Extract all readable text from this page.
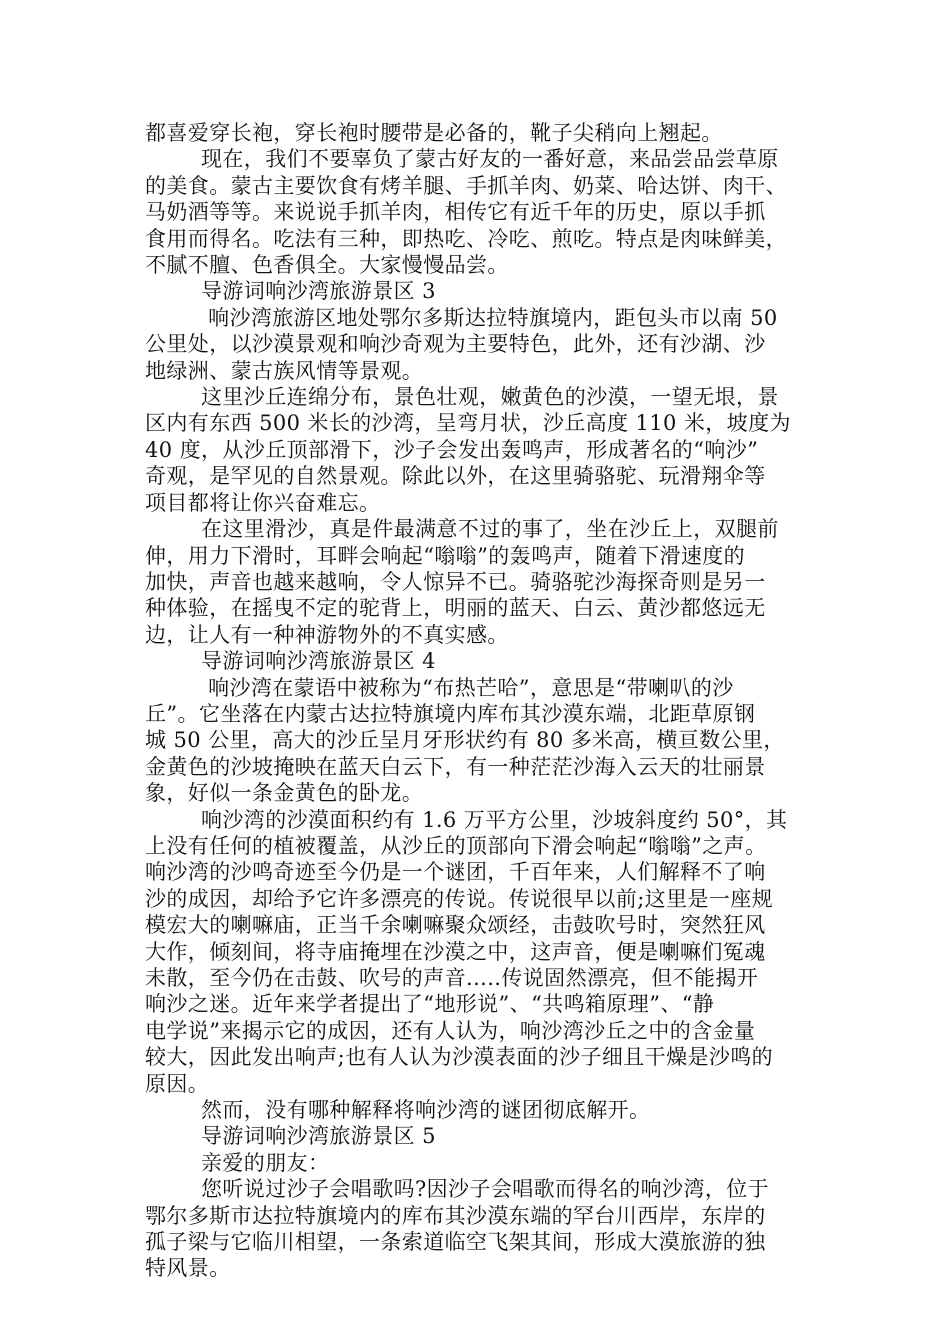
都喜爱穿长袍，穿长袍时腰带是必备的，靴子尖稍向上翘起。
现在，我们不要辜负了蒙古好友的一番好意，来品尝品尝草原
的美食。蒙古主要饮食有烤羊腿、手抓羊肉、奶菜、哈达饼、肉干、
马奶酒等等。来说说手抓羊肉，相传它有近千年的历史，原以手抓
食用而得名。吃法有三种，即热吃、冷吃、煎吃。特点是肉味鲜美，
不腻不膻、色香俱全。大家慢慢品尝。
导游词响沙湾旅游景区 3
响沙湾旅游区地处鄂尔多斯达拉特旗境内，距包头市以南 50
公里处，以沙漠景观和响沙奇观为主要特色，此外，还有沙湖、沙
地绿洲、蒙古族风情等景观。
这里沙丘连绵分布，景色壮观，嫩黄色的沙漠，一望无垠，景
区内有东西 500 米长的沙湾，呈弯月状，沙丘高度 110 米，坡度为
40 度，从沙丘顶部滑下，沙子会发出轰鸣声，形成著名的“响沙”
奇观，是罕见的自然景观。除此以外，在这里骑骆驼、玩滑翔伞等
项目都将让你兴奋难忘。
在这里滑沙，真是件最满意不过的事了，坐在沙丘上，双腿前
伸，用力下滑时，耳畔会响起“嗡嗡”的轰鸣声，随着下滑速度的
加快，声音也越来越响，令人惊异不已。骑骆驼沙海探奇则是另一
种体验，在摇曳不定的驼背上，明丽的蓝天、白云、黄沙都悠远无
边，让人有一种神游物外的不真实感。
导游词响沙湾旅游景区 4
响沙湾在蒙语中被称为“布热芒哈”，意思是“带喇叭的沙
丘”。它坐落在内蒙古达拉特旗境内库布其沙漠东端，北距草原钢
城 50 公里，高大的沙丘呈月牙形状约有 80 多米高，横亘数公里，
金黄色的沙坡掩映在蓝天白云下，有一种茫茫沙海入云天的壮丽景
象，好似一条金黄色的卧龙。
响沙湾的沙漠面积约有 1.6 万平方公里，沙坡斜度约 50°，其
上没有任何的植被覆盖，从沙丘的顶部向下滑会响起“嗡嗡”之声。
响沙湾的沙鸣奇迹至今仍是一个谜团，千百年来，人们解释不了响
沙的成因，却给予它许多漂亮的传说。传说很早以前;这里是一座规
模宏大的喇嘛庙，正当千余喇嘛聚众颂经，击鼓吹号时，突然狂风
大作，倾刻间，将寺庙掩埋在沙漠之中，这声音，便是喇嘛们冤魂
未散，至今仍在击鼓、吹号的声音.....传说固然漂亮，但不能揭开
响沙之迷。近年来学者提出了“地形说”、“共鸣箱原理”、“静
电学说”来揭示它的成因，还有人认为，响沙湾沙丘之中的含金量
较大，因此发出响声;也有人认为沙漠表面的沙子细且干燥是沙鸣的
原因。
然而，没有哪种解释将响沙湾的谜团彻底解开。
导游词响沙湾旅游景区 5
亲爱的朋友：
您听说过沙子会唱歌吗?因沙子会唱歌而得名的响沙湾，位于
鄂尔多斯市达拉特旗境内的库布其沙漠东端的罕台川西岸，东岸的
孤子梁与它临川相望，一条索道临空飞架其间，形成大漠旅游的独
特风景。
